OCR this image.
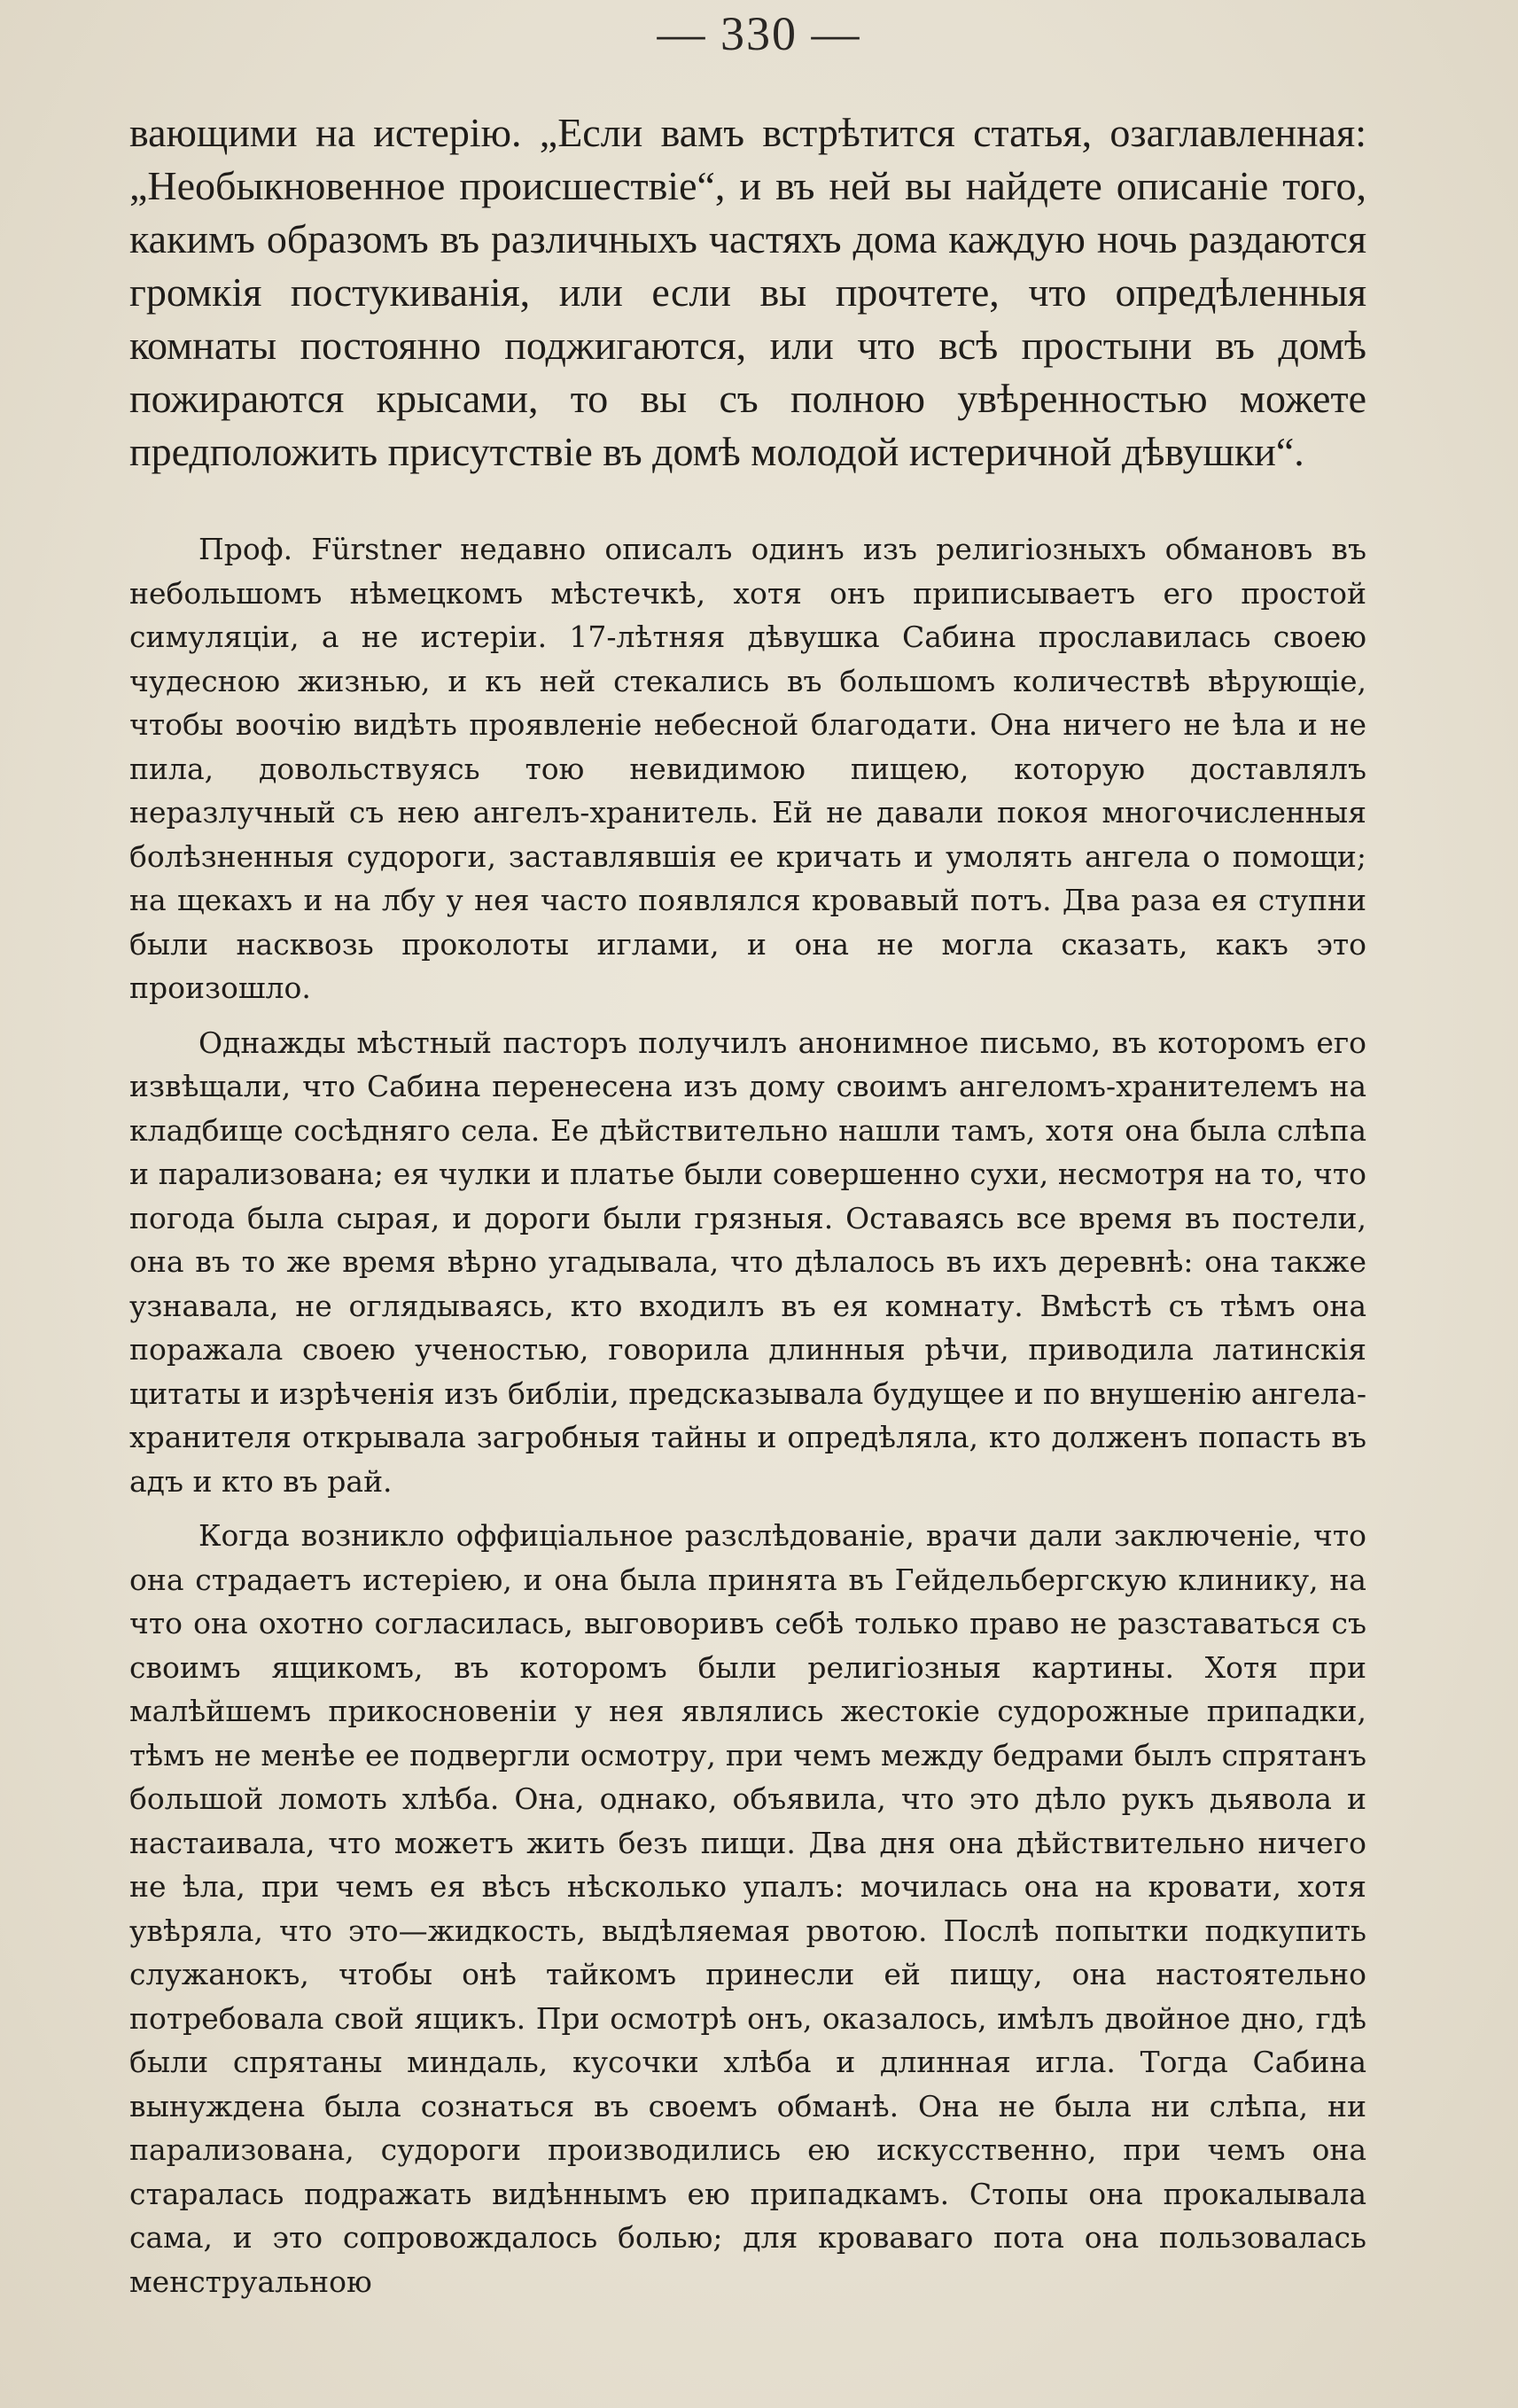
— 330 —

вающими на истерію. „Если вамъ встрѣтится статья, озаглавленная: „Необыкновенное происшествіе“, и въ ней вы найдете описаніе того, какимъ образомъ въ различныхъ частяхъ дома каждую ночь раздаются громкія постукиванія, или если вы прочтете, что опредѣленныя комнаты постоянно поджигаются, или что всѣ простыни въ домѣ пожираются крысами, то вы съ полною увѣренностью можете предположить присутствіе въ домѣ молодой истеричной дѣвушки“.

Проф. Fürstner недавно описалъ одинъ изъ религіозныхъ обмановъ въ небольшомъ нѣмецкомъ мѣстечкѣ, хотя онъ приписываетъ его простой симуляціи, а не истеріи. 17-лѣтняя дѣвушка Сабина прославилась своею чудесною жизнью, и къ ней стекались въ большомъ количествѣ вѣрующіе, чтобы воочію видѣть проявленіе небесной благодати. Она ничего не ѣла и не пила, довольствуясь тою невидимою пищею, которую доставлялъ неразлучный съ нею ангелъ-хранитель. Ей не давали покоя многочисленныя болѣзненныя судороги, заставлявшія ее кричать и умолять ангела о помощи; на щекахъ и на лбу у нея часто появлялся кровавый потъ. Два раза ея ступни были насквозь проколоты иглами, и она не могла сказать, какъ это произошло.

Однажды мѣстный пасторъ получилъ анонимное письмо, въ которомъ его извѣщали, что Сабина перенесена изъ дому своимъ ангеломъ-хранителемъ на кладбище сосѣдняго села. Ее дѣйствительно нашли тамъ, хотя она была слѣпа и парализована; ея чулки и платье были совершенно сухи, несмотря на то, что погода была сырая, и дороги были грязныя. Оставаясь все время въ постели, она въ то же время вѣрно угадывала, что дѣлалось въ ихъ деревнѣ: она также узнавала, не оглядываясь, кто входилъ въ ея комнату. Вмѣстѣ съ тѣмъ она поражала своею ученостью, говорила длинныя рѣчи, приводила латинскія цитаты и изрѣченія изъ библіи, предсказывала будущее и по внушенію ангела-хранителя открывала загробныя тайны и опредѣляла, кто долженъ попасть въ адъ и кто въ рай.

Когда возникло оффиціальное разслѣдованіе, врачи дали заключеніе, что она страдаетъ истеріею, и она была принята въ Гейдельбергскую клинику, на что она охотно согласилась, выговоривъ себѣ только право не разставаться съ своимъ ящикомъ, въ которомъ были религіозныя картины. Хотя при малѣйшемъ прикосновеніи у нея являлись жестокіе судорожные припадки, тѣмъ не менѣе ее подвергли осмотру, при чемъ между бедрами былъ спрятанъ большой ломоть хлѣба. Она, однако, объявила, что это дѣло рукъ дьявола и настаивала, что можетъ жить безъ пищи. Два дня она дѣйствительно ничего не ѣла, при чемъ ея вѣсъ нѣсколько упалъ: мочилась она на кровати, хотя увѣряла, что это—жидкость, выдѣляемая рвотою. Послѣ попытки подкупить служанокъ, чтобы онѣ тайкомъ принесли ей пищу, она настоятельно потребовала свой ящикъ. При осмотрѣ онъ, оказалось, имѣлъ двойное дно, гдѣ были спрятаны миндаль, кусочки хлѣба и длинная игла. Тогда Сабина вынуждена была сознаться въ своемъ обманѣ. Она не была ни слѣпа, ни парализована, судороги производились ею искусственно, при чемъ она старалась подражать видѣннымъ ею припадкамъ. Стопы она прокалывала сама, и это сопровождалось болью; для кроваваго пота она пользовалась менструальною
